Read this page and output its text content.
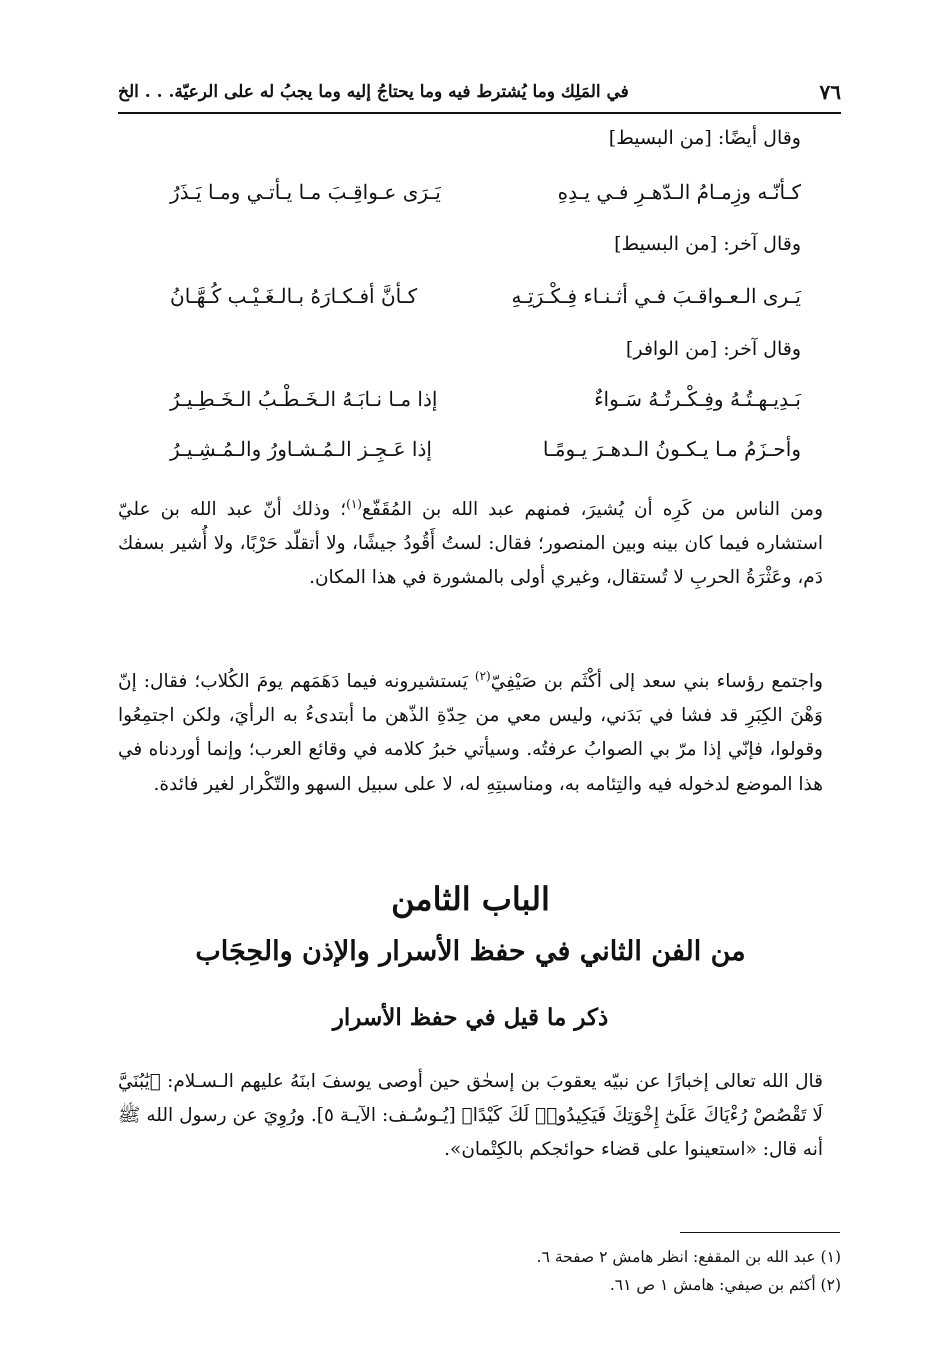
٧٦
في المَلِك وما يُشترط فيه وما يحتاجُ إليه وما يجبُ له على الرعيّة. . . الخ
وقال أيضًا: [من البسيط]
كـأنّـه وزِمـامُ الـدّهـرِ فـي يـدِهِ
يَـرَى عـواقِـبَ مـا يـأتـي ومـا يَـذَرُ
وقال آخر: [من البسيط]
يَـرى الـعـواقـبَ فـي أثـنـاء فِـكْـرَتِـهِ
كـأنَّ أفـكـارَهُ بـالـغَـيْـب كُـهَّـانُ
وقال آخر: [من الوافر]
بَـدِيـهـتُـهُ وفِـكْـرتُـهُ سَـواءٌ
إذا مـا نـابَـهُ الـخَـطْـبُ الـخَـطِـيـرُ
وأحـزَمُ مـا يـكـونُ الـدهـرَ يـومًـا
إذا عَـجِـز الـمُـشـاورُ والـمُـشِـيـرُ

ومن الناس من كَرِه أن يُشيرَ، فمنهم عبد الله بن المُقَفّع$^{(١)}$؛ وذلك أنّ عبد الله بن عليّ استشاره فيما كان بينه وبين المنصور؛ فقال: لستُ أَقُودُ جيشًا، ولا أتقلّد حَرْبًا، ولا أُشير بسفك دَم، وعَثْرَةُ الحربِ لا تُستقال، وغيري أولى بالمشورة في هذا المكان.

واجتمع رؤساء بني سعد إلى أكْثَم بن صَيْفِيّ$^{(٢)}$ يَستشيرونه فيما دَهَمَهم يومَ الكُلاب؛ فقال: إنّ وَهْنَ الكِبَرِ قد فشا في بَدَني، وليس معي من حِدّةِ الذّهن ما أبتدىءُ به الرأيَ، ولكن اجتمِعُوا وقولوا، فإنّي إذا مرّ بي الصوابُ عرفتُه. وسيأتي خبرُ كلامه في وقائع العرب؛ وإنما أوردناه في هذا الموضع لدخوله فيه والتِئامه به، ومناسبتِهِ له، لا على سبيل السهو والتّكْرار لغير فائدة.

الباب الثامن
من الفن الثاني في حفظ الأسرار والإذن والحِجَاب
ذكر ما قيل في حفظ الأسرار

قال الله تعالى إخبارًا عن نبيّه يعقوبَ بن إسحٰق حين أوصى يوسفَ ابنَهُ عليهم الـسـلام: ﴿يَٰبُنَيَّ لَا تَقْصُصْ رُءْيَاكَ عَلَىٰٓ إِخْوَتِكَ فَيَكِيدُوا۟ لَكَ كَيْدًا﴾ [يُـوسُـف: الآيـة ٥]. ورُوِيَ عن رسول الله ﷺ أنه قال: «استعينوا على قضاء حوائجكم بالكِتْمان».

(١) عبد الله بن المقفع: انظر هامش ٢ صفحة ٦.
(٢) أكثم بن صيفي: هامش ١ ص ٦١.
